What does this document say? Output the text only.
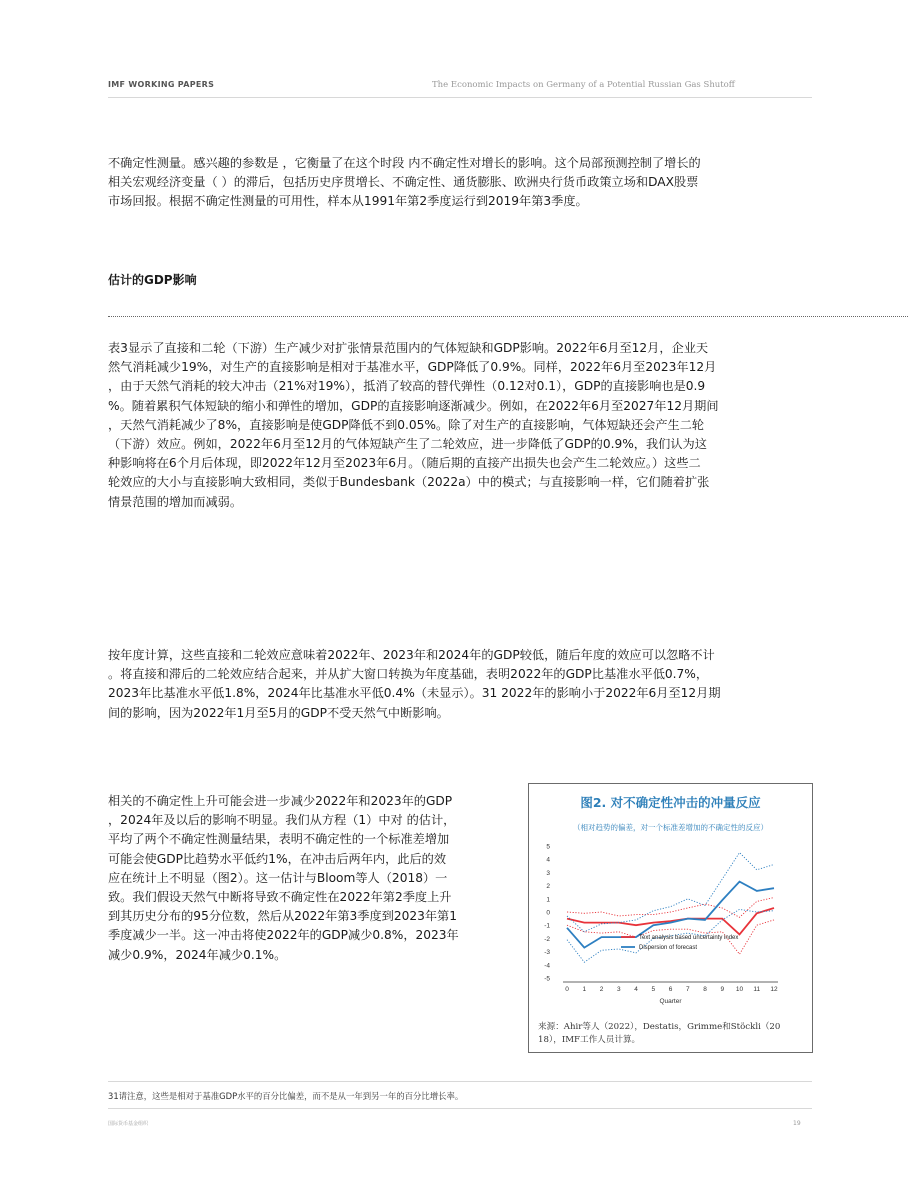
IMF WORKING PAPERS	The Economic Impacts on Germany of a Potential Russian Gas Shutoff
不确定性测量。感兴趣的参数是 ，它衡量了在这个时段 内不确定性对增长的影响。这个局部预测控制了增长的
相关宏观经济变量（ ）的滞后，包括历史序贯增长、不确定性、通货膨胀、欧洲央行货币政策立场和DAX股票
市场回报。根据不确定性测量的可用性，样本从1991年第2季度运行到2019年第3季度。
估计的GDP影响
表3显示了直接和二轮（下游）生产减少对扩张情景范围内的气体短缺和GDP影响。2022年6月至12月，企业天
然气消耗减少19%，对生产的直接影响是相对于基准水平，GDP降低了0.9%。同样，2022年6月至2023年12月
，由于天然气消耗的较大冲击（21%对19%），抵消了较高的替代弹性（0.12对0.1），GDP的直接影响也是0.9
%。随着累积气体短缺的缩小和弹性的增加，GDP的直接影响逐渐减少。例如，在2022年6月至2027年12月期间
，天然气消耗减少了8%，直接影响是使GDP降低不到0.05%。除了对生产的直接影响，气体短缺还会产生二轮
（下游）效应。例如，2022年6月至12月的气体短缺产生了二轮效应，进一步降低了GDP的0.9%，我们认为这
种影响将在6个月后体现，即2022年12月至2023年6月。（随后期的直接产出损失也会产生二轮效应。）这些二
轮效应的大小与直接影响大致相同，类似于Bundesbank（2022a）中的模式；与直接影响一样，它们随着扩张
情景范围的增加而减弱。
按年度计算，这些直接和二轮效应意味着2022年、2023年和2024年的GDP较低，随后年度的效应可以忽略不计
。将直接和滞后的二轮效应结合起来，并从扩大窗口转换为年度基础，表明2022年的GDP比基准水平低0.7%，
2023年比基准水平低1.8%，2024年比基准水平低0.4%（未显示）。31 2022年的影响小于2022年6月至12月期
间的影响，因为2022年1月至5月的GDP不受天然气中断影响。
相关的不确定性上升可能会进一步减少2022年和2023年的GDP
，2024年及以后的影响不明显。我们从方程（1）中对 的估计，
平均了两个不确定性测量结果，表明不确定性的一个标准差增加
可能会使GDP比趋势水平低约1%，在冲击后两年内，此后的效
应在统计上不明显（图2）。这一估计与Bloom等人（2018）一
致。我们假设天然气中断将导致不确定性在2022年第2季度上升
到其历史分布的95分位数，然后从2022年第3季度到2023年第1
季度减少一半。这一冲击将使2022年的GDP减少0.8%，2023年
减少0.9%，2024年减少0.1%。
图2. 对不确定性冲击的冲量反应
（相对趋势的偏差，对一个标准差增加的不确定性的反应）
5
4
3
2
1
0
-1
-2
-3
-4
-5
0 1 2 3 4 5 6 7 8 9 10 11 12
Quarter
Text analysis based uncertainty index
Dispersion of forecast
来源：Ahir等人（2022），Destatis，Grimme和Stöckli（20
18），IMF工作人员计算。
31请注意，这些是相对于基准GDP水平的百分比偏差，而不是从一年到另一年的百分比增长率。
国际货币基金组织	19
